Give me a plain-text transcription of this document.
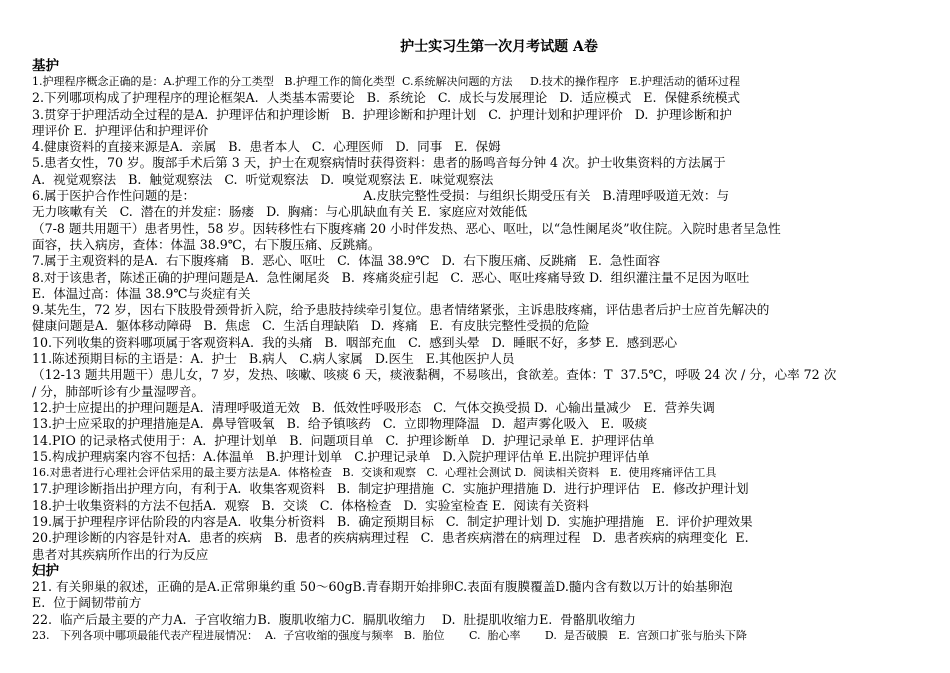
护士实习生第一次月考试题 A卷
基护
1.护理程序概念正确的是：A.护理工作的分工类型   B.护理工作的简化类型  C.系统解决问题的方法     D.技术的操作程序   E.护理活动的循环过程
2.下列哪项构成了护理程序的理论框架A.  人类基本需要论   B.  系统论   C.  成长与发展理论   D.  适应模式   E.  保健系统模式
3.贯穿于护理活动全过程的是A.  护理评估和护理诊断   B.  护理诊断和护理计划   C.  护理计划和护理评价   D.  护理诊断和护
理评价 E.  护理评估和护理评价
4.健康资料的直接来源是A.  亲属   B.  患者本人   C.  心理医师   D.  同事   E.  保姆
5.患者女性，70 岁。腹部手术后第 3 天，护士在观察病情时获得资料：患者的肠鸣音每分钟 4 次。护士收集资料的方法属于
A.  视觉观察法   B.  触觉观察法   C.  听觉观察法   D.  嗅觉观察法 E.  味觉观察法
6.属于医护合作性问题的是：                                          A.皮肤完整性受损：与组织长期受压有关   B.清理呼吸道无效：与
无力咳嗽有关   C.  潜在的并发症：肠瘘   D.  胸痛：与心肌缺血有关 E.  家庭应对效能低
（7-8 题共用题干）患者男性，58 岁。因转移性右下腹疼痛 20 小时伴发热、恶心、呕吐，以“急性阑尾炎”收住院。入院时患者呈急性
面容，扶入病房，查体：体温 38.9℃，右下腹压痛、反跳痛。
7.属于主观资料的是A.  右下腹疼痛   B.  恶心、呕吐   C.  体温 38.9℃   D.  右下腹压痛、反跳痛   E.  急性面容
8.对于该患者，陈述正确的护理问题是A.  急性阑尾炎   B.  疼痛炎症引起   C.  恶心、呕吐疼痛导致 D.  组织灌注量不足因为呕吐
E.  体温过高：体温 38.9℃与炎症有关
9.某先生，72 岁，因右下肢股骨颈骨折入院，给予患肢持续牵引复位。患者情绪紧张，主诉患肢疼痛，评估患者后护士应首先解决的
健康问题是A.  躯体移动障碍   B.  焦虑   C.  生活自理缺陷   D.  疼痛   E.  有皮肤完整性受损的危险
10.下列收集的资料哪项属于客观资料A.  我的头痛   B.  咽部充血   C.  感到头晕   D.  睡眠不好，多梦 E.  感到恶心
11.陈述预期目标的主语是：A.  护士   B.病人   C.病人家属   D.医生   E.其他医护人员
（12-13 题共用题干）患儿女，7 岁，发热、咳嗽、咳痰 6 天，痰液黏稠，不易咳出，食欲差。查体：T  37.5℃，呼吸 24 次 / 分，心率 72 次
/ 分，肺部听诊有少量湿啰音。
12.护士应提出的护理问题是A.  清理呼吸道无效   B.  低效性呼吸形态   C.  气体交换受损 D.  心输出量减少   E.  营养失调
13.护士应采取的护理措施是A.  鼻导管吸氧   B.  给予镇咳药   C.  立即物理降温   D.  超声雾化吸入   E.  吸痰
14.PIO 的记录格式使用于：A.  护理计划单   B.  问题项目单   C.  护理诊断单   D.  护理记录单 E.  护理评估单
15.构成护理病案内容不包括：A.体温单   B.护理计划单   C.护理记录单   D.入院护理评估单 E.出院护理评估单
16.对患者进行心理社会评估采用的最主要方法是A.  体格检查   B.  交谈和观察   C.  心理社会测试 D.  阅读相关资料   E.  使用疼痛评估工具
17.护理诊断指出护理方向，有利于A.  收集客观资料   B.  制定护理措施  C.  实施护理措施 D.  进行护理评估   E.  修改护理计划
18.护士收集资料的方法不包括A.  观察   B.  交谈   C.  体格检查   D.  实验室检查 E.  阅读有关资料
19.属于护理程序评估阶段的内容是A.  收集分析资料   B.  确定预期目标   C.  制定护理计划 D.  实施护理措施   E.  评价护理效果
20.护理诊断的内容是针对A.  患者的疾病   B.  患者的疾病病理过程   C.  患者疾病潜在的病理过程   D.  患者疾病的病理变化  E.
患者对其疾病所作出的行为反应
妇护
21. 有关卵巢的叙述，正确的是A.正常卵巢约重 50～60gB.青春期开始排卵C.表面有腹膜覆盖D.髓内含有数以万计的始基卵泡
E.  位于阔韧带前方
22.  临产后最主要的产力A.  子宫收缩力B.  腹肌收缩力C.  膈肌收缩力    D.  肚提肌收缩力E.  骨骼肌收缩力
23.   下列各项中哪项最能代表产程进展情况：  A.  子宫收缩的强度与频率   B.  胎位       C.  胎心率       D.  是否破膜   E.  宫颈口扩张与胎头下降
